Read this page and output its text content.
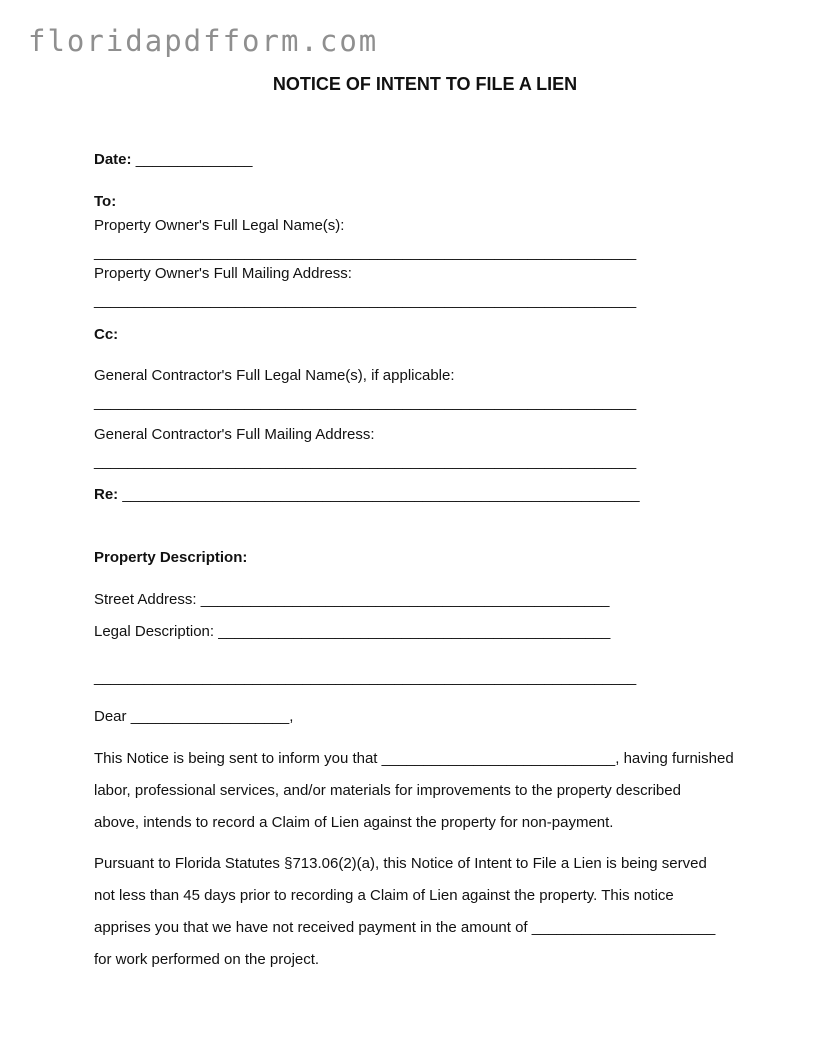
floridapdfform.com
NOTICE OF INTENT TO FILE A LIEN
Date: ______________
To:
Property Owner's Full Legal Name(s):
_________________________________________________________________
Property Owner's Full Mailing Address:
_________________________________________________________________
Cc:
General Contractor's Full Legal Name(s), if applicable:
_________________________________________________________________
General Contractor's Full Mailing Address:
_________________________________________________________________
Re: ______________________________________________________________
Property Description:
Street Address: _________________________________________________
Legal Description: _______________________________________________
_________________________________________________________________
Dear ___________________,
This Notice is being sent to inform you that ____________________________, having furnished
labor, professional services, and/or materials for improvements to the property described
above, intends to record a Claim of Lien against the property for non-payment.
Pursuant to Florida Statutes §713.06(2)(a), this Notice of Intent to File a Lien is being served
not less than 45 days prior to recording a Claim of Lien against the property. This notice
apprises you that we have not received payment in the amount of ______________________
for work performed on the project.
